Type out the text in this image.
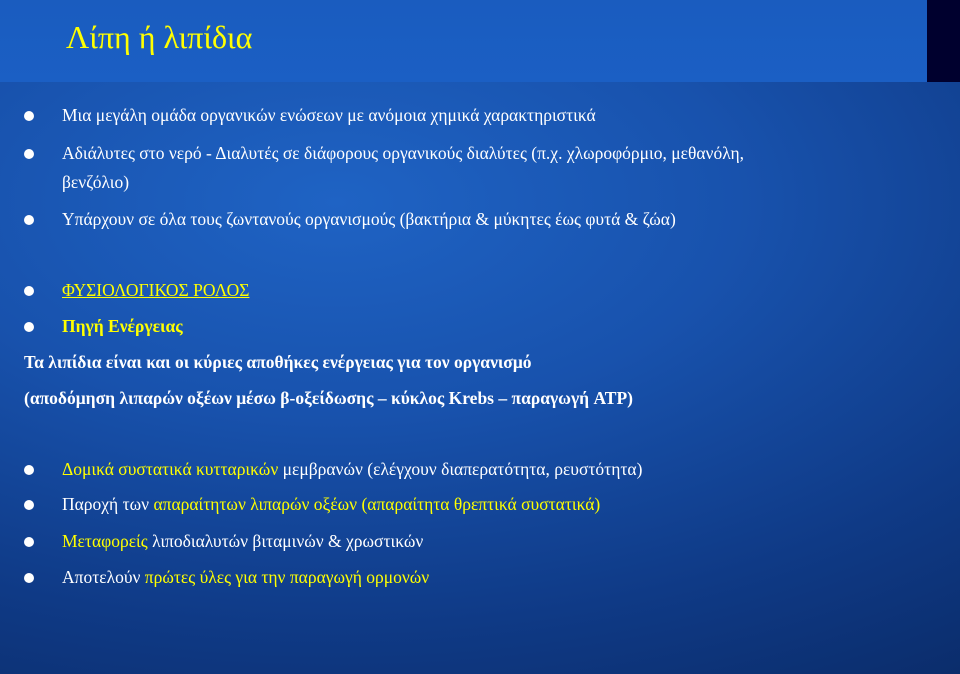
Λίπη ή λιπίδια
Μια μεγάλη ομάδα οργανικών ενώσεων με ανόμοια χημικά χαρακτηριστικά
Αδιάλυτες στο νερό - Διαλυτές σε διάφορους οργανικούς διαλύτες (π.χ. χλωροφόρμιο, μεθανόλη,
βενζόλιο)
Υπάρχουν σε όλα τους ζωντανούς οργανισμούς (βακτήρια & μύκητες έως φυτά & ζώα)
ΦΥΣΙΟΛΟΓΙΚΟΣ ΡΟΛΟΣ
Πηγή Ενέργειας
Τα λιπίδια είναι και οι κύριες αποθήκες ενέργειας για τον οργανισμό
(αποδόμηση λιπαρών οξέων μέσω β-οξείδωσης – κύκλος Krebs – παραγωγή ATP)
Δομικά συστατικά κυτταρικών μεμβρανών (ελέγχουν διαπερατότητα, ρευστότητα)
Παροχή των απαραίτητων λιπαρών οξέων (απαραίτητα θρεπτικά συστατικά)
Μεταφορείς λιποδιαλυτών βιταμινών & χρωστικών
Αποτελούν πρώτες ύλες για την παραγωγή ορμονών
